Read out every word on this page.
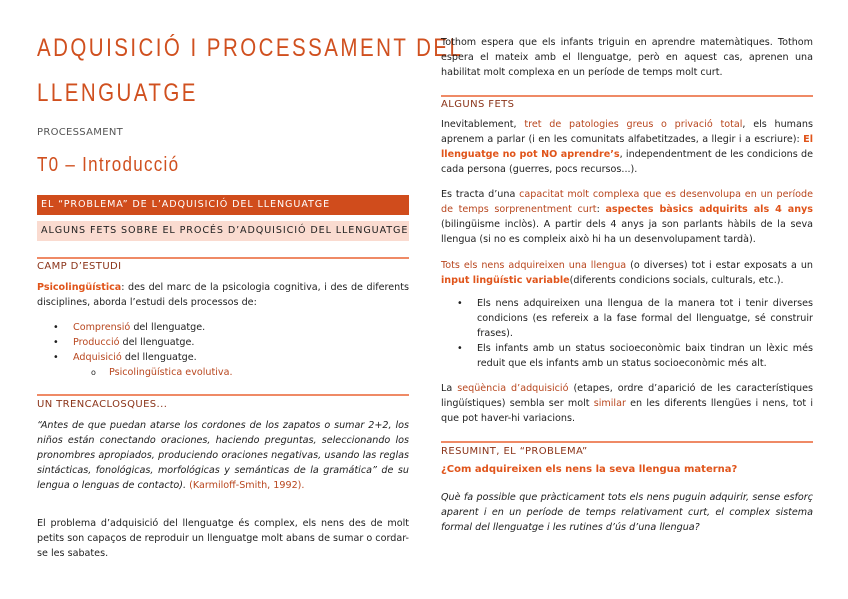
ADQUISICIÓ I PROCESSAMENT DEL
LLENGUATGE
PROCESSAMENT
T0 – Introducció
EL “PROBLEMA” DE L’ADQUISICIÓ DEL LLENGUATGE
ALGUNS FETS SOBRE EL PROCÉS D’ADQUISICIÓ DEL LLENGUATGE
CAMP D’ESTUDI
Psicolingüística: des del marc de la psicologia cognitiva, i des de diferents disciplines, aborda l’estudi dels processos de:
• Comprensió del llenguatge.
• Producció del llenguatge.
• Adquisició del llenguatge.
o Psicolingüística evolutiva.
UN TRENCACLOSQUES...
“Antes de que puedan atarse los cordones de los zapatos o sumar 2+2, los niños están conectando oraciones, haciendo preguntas, seleccionando los pronombres apropiados, produciendo oraciones negativas, usando las reglas sintácticas, fonológicas, morfológicas y semánticas de la gramática” de su lengua o lenguas de contacto). (Karmiloff-Smith, 1992).
El problema d’adquisició del llenguatge és complex, els nens des de molt petits son capaços de reproduir un llenguatge molt abans de sumar o cordar-se les sabates.
Tothom espera que els infants triguin en aprendre matemàtiques. Tothom espera el mateix amb el llenguatge, però en aquest cas, aprenen una habilitat molt complexa en un període de temps molt curt.
ALGUNS FETS
Inevitablement, tret de patologies greus o privació total, els humans aprenem a parlar (i en les comunitats alfabetitzades, a llegir i a escriure): El llenguatge no pot NO aprendre’s, independentment de les condicions de cada persona (guerres, pocs recursos...).
Es tracta d’una capacitat molt complexa que es desenvolupa en un període de temps sorprenentment curt: aspectes bàsics adquirits als 4 anys (bilingüisme inclòs). A partir dels 4 anys ja son parlants hàbils de la seva llengua (si no es compleix això hi ha un desenvolupament tardà).
Tots els nens adquireixen una llengua (o diverses) tot i estar exposats a un input lingüístic variable(diferents condicions socials, culturals, etc.).
• Els nens adquireixen una llengua de la manera tot i tenir diverses condicions (es refereix a la fase formal del llenguatge, sé construir frases).
• Els infants amb un status socioeconòmic baix tindran un lèxic més reduit que els infants amb un status socioeconòmic més alt.
La seqüència d’adquisició (etapes, ordre d’aparició de les característiques lingüístiques) sembla ser molt similar en les diferents llengües i nens, tot i que pot haver-hi variacions.
RESUMINT, EL “PROBLEMA”
¿Com adquireixen els nens la seva llengua materna?
Què fa possible que pràcticament tots els nens puguin adquirir, sense esforç aparent i en un període de temps relativament curt, el complex sistema formal del llenguatge i les rutines d’ús d’una llengua?
